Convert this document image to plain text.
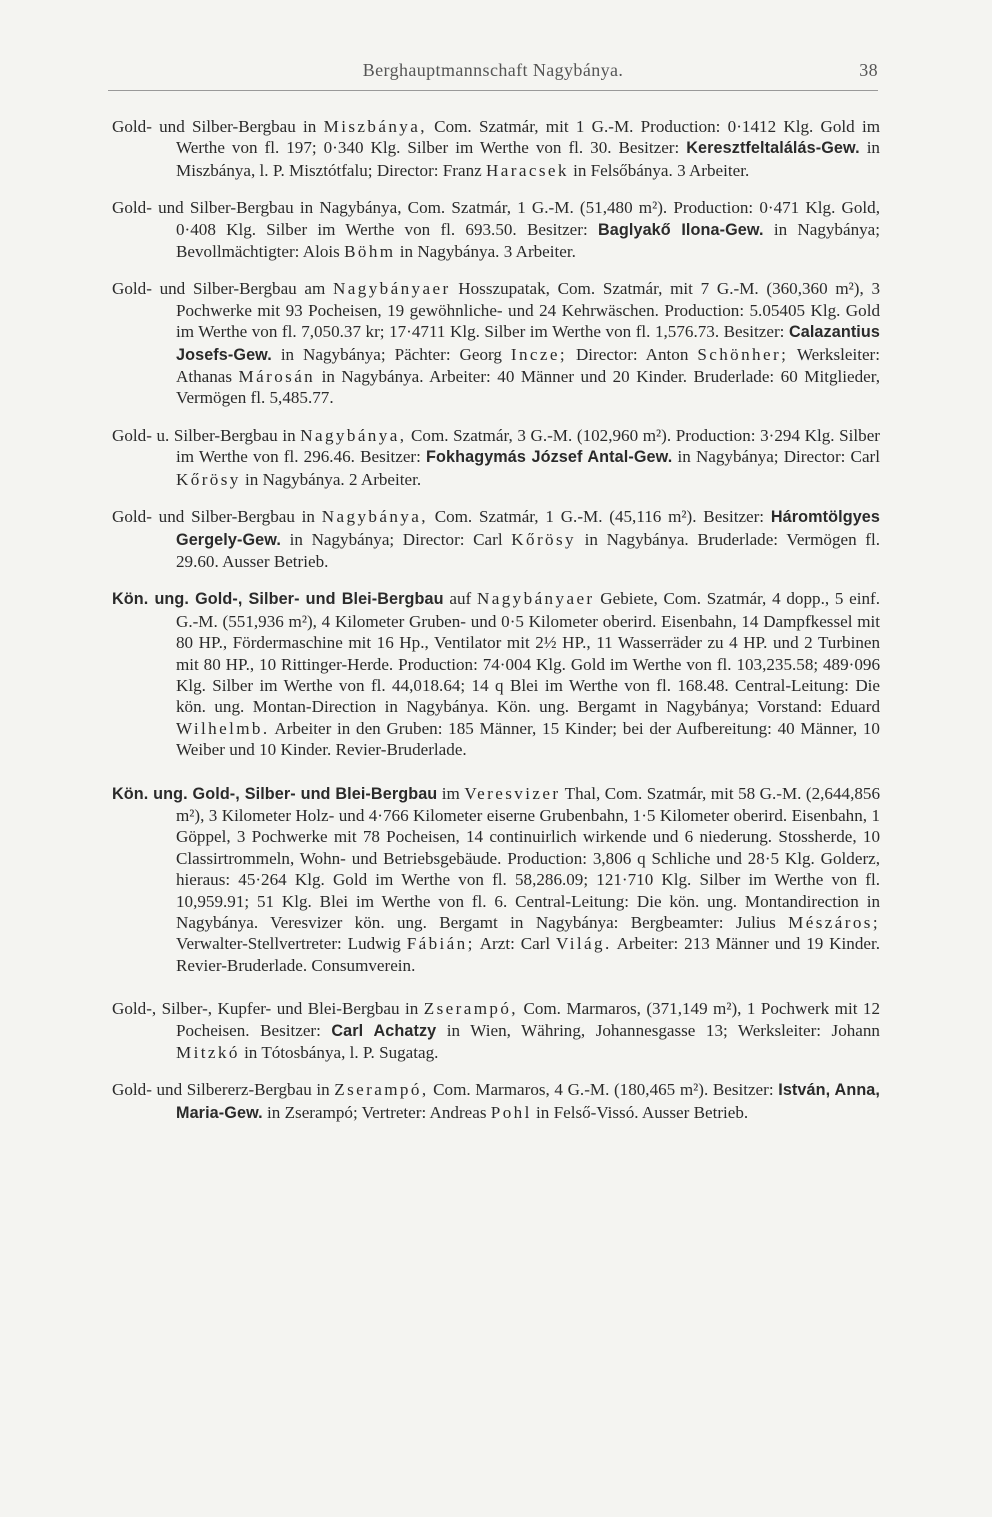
Berghauptmannschaft Nagybánya.	38

Gold- und Silber-Bergbau in Miszbánya, Com. Szatmár, mit 1 G.-M. Production: 0·1412 Klg. Gold im Werthe von fl. 197; 0·340 Klg. Silber im Werthe von fl. 30. Besitzer: Keresztfeltalálás-Gew. in Miszbánya, l. P. Misztótfalu; Director: Franz Haracsek in Felsőbánya. 3 Arbeiter.

Gold- und Silber-Bergbau in Nagybánya, Com. Szatmár, 1 G.-M. (51,480 m²). Production: 0·471 Klg. Gold, 0·408 Klg. Silber im Werthe von fl. 693.50. Besitzer: Baglyakő Ilona-Gew. in Nagybánya; Bevollmächtigter: Alois Böhm in Nagybánya. 3 Arbeiter.

Gold- und Silber-Bergbau am Nagybányaer Hosszupatak, Com. Szatmár, mit 7 G.-M. (360,360 m²), 3 Pochwerke mit 93 Pocheisen, 19 gewöhnliche- und 24 Kehrwäschen. Production: 5.05405 Klg. Gold im Werthe von fl. 7,050.37 kr; 17·4711 Klg. Silber im Werthe von fl. 1,576.73. Besitzer: Calazantius Josefs-Gew. in Nagybánya; Pächter: Georg Incze; Director: Anton Schönher; Werksleiter: Athanas Márosán in Nagybánya. Arbeiter: 40 Männer und 20 Kinder. Bruderlade: 60 Mitglieder, Vermögen fl. 5,485.77.

Gold- u. Silber-Bergbau in Nagybánya, Com. Szatmár, 3 G.-M. (102,960 m²). Production: 3·294 Klg. Silber im Werthe von fl. 296.46. Besitzer: Fokhagymás József Antal-Gew. in Nagybánya; Director: Carl Kőrösy in Nagybánya. 2 Arbeiter.

Gold- und Silber-Bergbau in Nagybánya, Com. Szatmár, 1 G.-M. (45,116 m²). Besitzer: Háromtölgyes Gergely-Gew. in Nagybánya; Director: Carl Kőrösy in Nagybánya. Bruderlade: Vermögen fl. 29.60. Ausser Betrieb.

Kön. ung. Gold-, Silber- und Blei-Bergbau auf Nagybányaer Gebiete, Com. Szatmár, 4 dopp., 5 einf. G.-M. (551,936 m²), 4 Kilometer Gruben- und 0·5 Kilometer oberird. Eisenbahn, 14 Dampfkessel mit 80 HP., Fördermaschine mit 16 Hp., Ventilator mit 2½ HP., 11 Wasserräder zu 4 HP. und 2 Turbinen mit 80 HP., 10 Rittinger-Herde. Production: 74·004 Klg. Gold im Werthe von fl. 103,235.58; 489·096 Klg. Silber im Werthe von fl. 44,018.64; 14 q Blei im Werthe von fl. 168.48. Central-Leitung: Die kön. ung. Montan-Direction in Nagybánya. Kön. ung. Bergamt in Nagybánya; Vorstand: Eduard Wilhelmb. Arbeiter in den Gruben: 185 Männer, 15 Kinder; bei der Aufbereitung: 40 Männer, 10 Weiber und 10 Kinder. Revier-Bruderlade.

Kön. ung. Gold-, Silber- und Blei-Bergbau im Veresvizer Thal, Com. Szatmár, mit 58 G.-M. (2,644,856 m²), 3 Kilometer Holz- und 4·766 Kilometer eiserne Grubenbahn, 1·5 Kilometer oberird. Eisenbahn, 1 Göppel, 3 Pochwerke mit 78 Pocheisen, 14 continuirlich wirkende und 6 niederung. Stossherde, 10 Classirtrommeln, Wohn- und Betriebsgebäude. Production: 3,806 q Schliche und 28·5 Klg. Golderz, hieraus: 45·264 Klg. Gold im Werthe von fl. 58,286.09; 121·710 Klg. Silber im Werthe von fl. 10,959.91; 51 Klg. Blei im Werthe von fl. 6. Central-Leitung: Die kön. ung. Montandirection in Nagybánya. Veresvizer kön. ung. Bergamt in Nagybánya: Bergbeamter: Julius Mészáros; Verwalter-Stellvertreter: Ludwig Fábián; Arzt: Carl Világ. Arbeiter: 213 Männer und 19 Kinder. Revier-Bruderlade. Consumverein.

Gold-, Silber-, Kupfer- und Blei-Bergbau in Zserampó, Com. Marmaros, (371,149 m²), 1 Pochwerk mit 12 Pocheisen. Besitzer: Carl Achatzy in Wien, Währing, Johannesgasse 13; Werksleiter: Johann Mitzkó in Tótosbánya, l. P. Sugatag.

Gold- und Silbererz-Bergbau in Zserampó, Com. Marmaros, 4 G.-M. (180,465 m²). Besitzer: István, Anna, Maria-Gew. in Zserampó; Vertreter: Andreas Pohl in Felső-Vissó. Ausser Betrieb.
